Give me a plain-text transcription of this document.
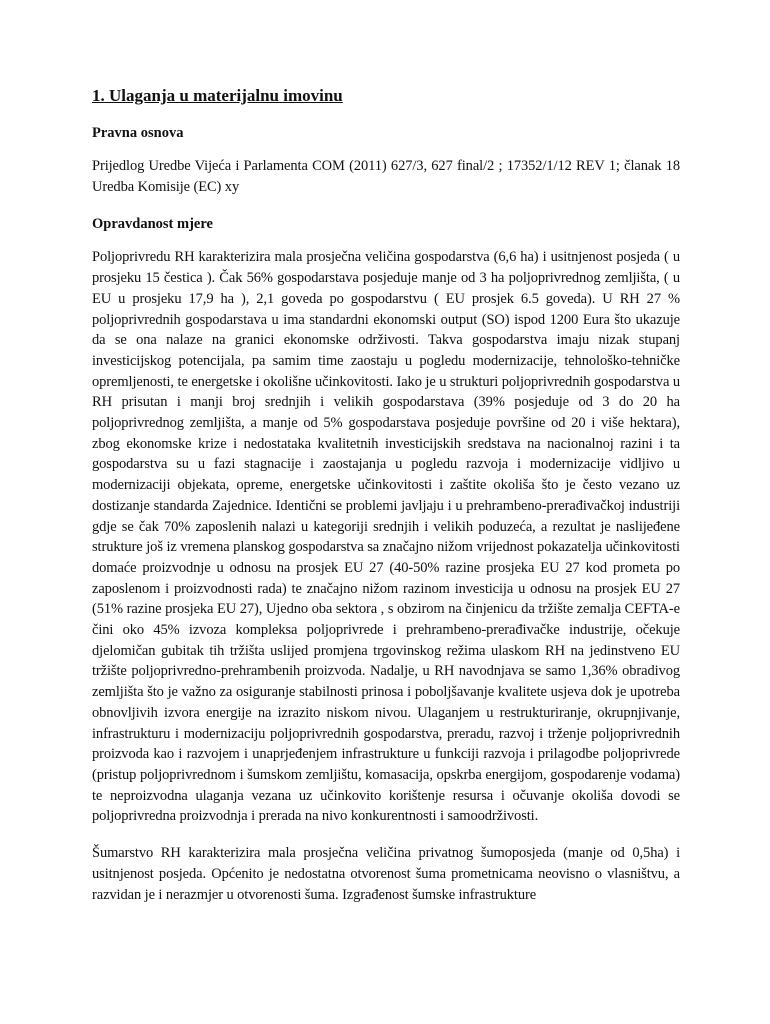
1. Ulaganja u materijalnu imovinu
Pravna osnova

Prijedlog Uredbe Vijeća i Parlamenta COM (2011) 627/3, 627 final/2 ; 17352/1/12 REV 1; članak 18 Uredba Komisije (EC) xy

Opravdanost mjere

Poljoprivredu RH karakterizira mala prosječna veličina gospodarstva (6,6 ha) i usitnjenost posjeda ( u prosjeku 15 čestica ). Čak 56% gospodarstava posjeduje manje od 3 ha poljoprivrednog zemljišta, ( u EU u prosjeku 17,9 ha ), 2,1 goveda po gospodarstvu ( EU prosjek 6.5 goveda). U RH 27 % poljoprivrednih gospodarstava u ima standardni ekonomski output (SO) ispod 1200 Eura što ukazuje da se ona nalaze na granici ekonomske održivosti. Takva gospodarstva imaju nizak stupanj investicijskog potencijala, pa samim time zaostaju u pogledu modernizacije, tehnološko-tehničke opremljenosti, te energetske i okolišne učinkovitosti. Iako je u strukturi poljoprivrednih gospodarstva u RH prisutan i manji broj srednjih i velikih gospodarstava (39% posjeduje od 3 do 20 ha poljoprivrednog zemljišta, a manje od 5% gospodarstava posjeduje površine od 20 i više hektara), zbog ekonomske krize i nedostataka kvalitetnih investicijskih sredstava na nacionalnoj razini i ta gospodarstva su u fazi stagnacije i zaostajanja u pogledu razvoja i modernizacije vidljivo u modernizaciji objekata, opreme, energetske učinkovitosti i zaštite okoliša što je često vezano uz dostizanje standarda Zajednice. Identični se problemi javljaju i u prehrambeno-prerađivačkoj industriji gdje se čak 70% zaposlenih nalazi u kategoriji srednjih i velikih poduzeća, a rezultat je naslijeđene strukture još iz vremena planskog gospodarstva sa značajno nižom vrijednost pokazatelja učinkovitosti domaće proizvodnje u odnosu na prosjek EU 27 (40-50% razine prosjeka EU 27 kod prometa po zaposlenom i proizvodnosti rada) te značajno nižom razinom investicija u odnosu na prosjek EU 27 (51% razine prosjeka EU 27), Ujedno oba sektora , s obzirom na činjenicu da tržište zemalja CEFTA-e čini oko 45% izvoza kompleksa poljoprivrede i prehrambeno-prerađivačke industrije, očekuje djelomičan gubitak tih tržišta uslijed promjena trgovinskog režima ulaskom RH na jedinstveno EU tržište poljoprivredno-prehrambenih proizvoda. Nadalje, u RH navodnjava se samo 1,36% obradivog zemljišta što je važno za osiguranje stabilnosti prinosa i poboljšavanje kvalitete usjeva dok je upotreba obnovljivih izvora energije na izrazito niskom nivou. Ulaganjem u restrukturiranje, okrupnjivanje, infrastrukturu i modernizaciju poljoprivrednih gospodarstva, preradu, razvoj i trženje poljoprivrednih proizvoda kao i razvojem i unaprjeđenjem infrastrukture u funkciji razvoja i prilagodbe poljoprivrede (pristup poljoprivrednom i šumskom zemljištu, komasacija, opskrba energijom, gospodarenje vodama) te neproizvodna ulaganja vezana uz učinkovito korištenje resursa i očuvanje okoliša dovodi se poljoprivredna proizvodnja i prerada na nivo konkurentnosti i samoodrživosti.

Šumarstvo RH karakterizira mala prosječna veličina privatnog šumoposjeda (manje od 0,5ha) i usitnjenost posjeda. Općenito je nedostatna otvorenost šuma prometnicama neovisno o vlasništvu, a razvidan je i nerazmjer u otvorenosti šuma. Izgrađenost šumske infrastrukture
